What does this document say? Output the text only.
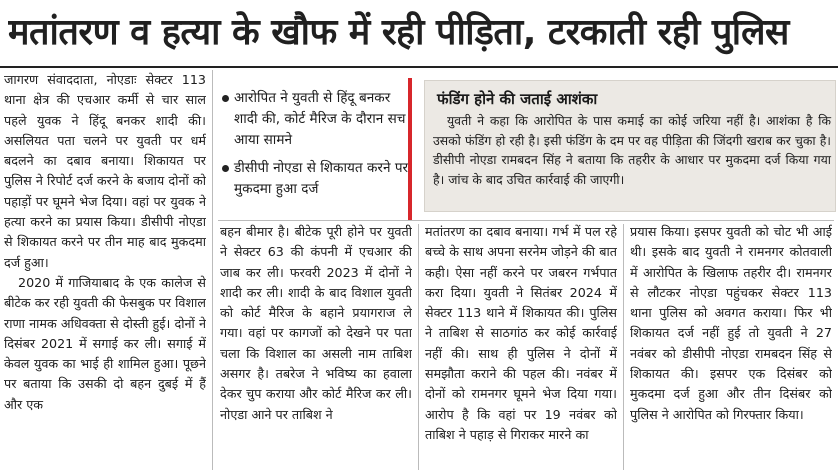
मतांतरण व हत्या के खौफ में रही पीड़िता, टरकाती रही पुलिस

जागरण संवाददाता, नोएडाः सेक्टर 113 थाना क्षेत्र की एचआर कर्मी से चार साल पहले युवक ने हिंदू बनकर शादी की। असलियत पता चलने पर युवती पर धर्म बदलने का दबाव बनाया। शिकायत पर पुलिस ने रिपोर्ट दर्ज करने के बजाय दोनों को पहाड़ों पर घूमने भेज दिया। वहां पर युवक ने हत्या करने का प्रयास किया। डीसीपी नोएडा से शिकायत करने पर तीन माह बाद मुकदमा दर्ज हुआ।

2020 में गाजियाबाद के एक कालेज से बीटेक कर रही युवती की फेसबुक पर विशाल राणा नामक अधिवक्ता से दोस्ती हुई। दोनों ने दिसंबर 2021 में सगाई कर ली। सगाई में केवल युवक का भाई ही शामिल हुआ। पूछने पर बताया कि उसकी दो बहन दुबई में हैं और एक

आरोपित ने युवती से हिंदू बनकर शादी की, कोर्ट मैरिज के दौरान सच आया सामने
डीसीपी नोएडा से शिकायत करने पर मुकदमा हुआ दर्ज
फंडिंग होने की जताई आशंका
युवती ने कहा कि आरोपित के पास कमाई का कोई जरिया नहीं है। आशंका है कि उसको फंडिंग हो रही है। इसी फंडिंग के दम पर वह पीड़िता की जिंदगी खराब कर चुका है। डीसीपी नोएडा रामबदन सिंह ने बताया कि तहरीर के आधार पर मुकदमा दर्ज किया गया है। जांच के बाद उचित कार्रवाई की जाएगी।

बहन बीमार है। बीटेक पूरी होने पर युवती ने सेक्टर 63 की कंपनी में एचआर की जाब कर ली। फरवरी 2023 में दोनों ने शादी कर ली। शादी के बाद विशाल युवती को कोर्ट मैरिज के बहाने प्रयागराज ले गया। वहां पर कागजों को देखने पर पता चला कि विशाल का असली नाम ताबिश असगर है। तबरेज ने भविष्य का हवाला देकर चुप कराया और कोर्ट मैरिज कर ली। नोएडा आने पर ताबिश ने

मतांतरण का दबाव बनाया। गर्भ में पल रहे बच्चे के साथ अपना सरनेम जोड़ने की बात कही। ऐसा नहीं करने पर जबरन गर्भपात करा दिया। युवती ने सितंबर 2024 में सेक्टर 113 थाने में शिकायत की। पुलिस ने ताबिश से साठगांठ कर कोई कार्रवाई नहीं की। साथ ही पुलिस ने दोनों में समझौता कराने की पहल की। नवंबर में दोनों को रामनगर घूमने भेज दिया गया। आरोप है कि वहां पर 19 नवंबर को ताबिश ने पहाड़ से गिराकर मारने का

प्रयास किया। इसपर युवती को चोट भी आई थी। इसके बाद युवती ने रामनगर कोतवाली में आरोपित के खिलाफ तहरीर दी। रामनगर से लौटकर नोएडा पहुंचकर सेक्टर 113 थाना पुलिस को अवगत कराया। फिर भी शिकायत दर्ज नहीं हुई तो युवती ने 27 नवंबर को डीसीपी नोएडा रामबदन सिंह से शिकायत की। इसपर एक दिसंबर को मुकदमा दर्ज हुआ और तीन दिसंबर को पुलिस ने आरोपित को गिरफ्तार किया।
